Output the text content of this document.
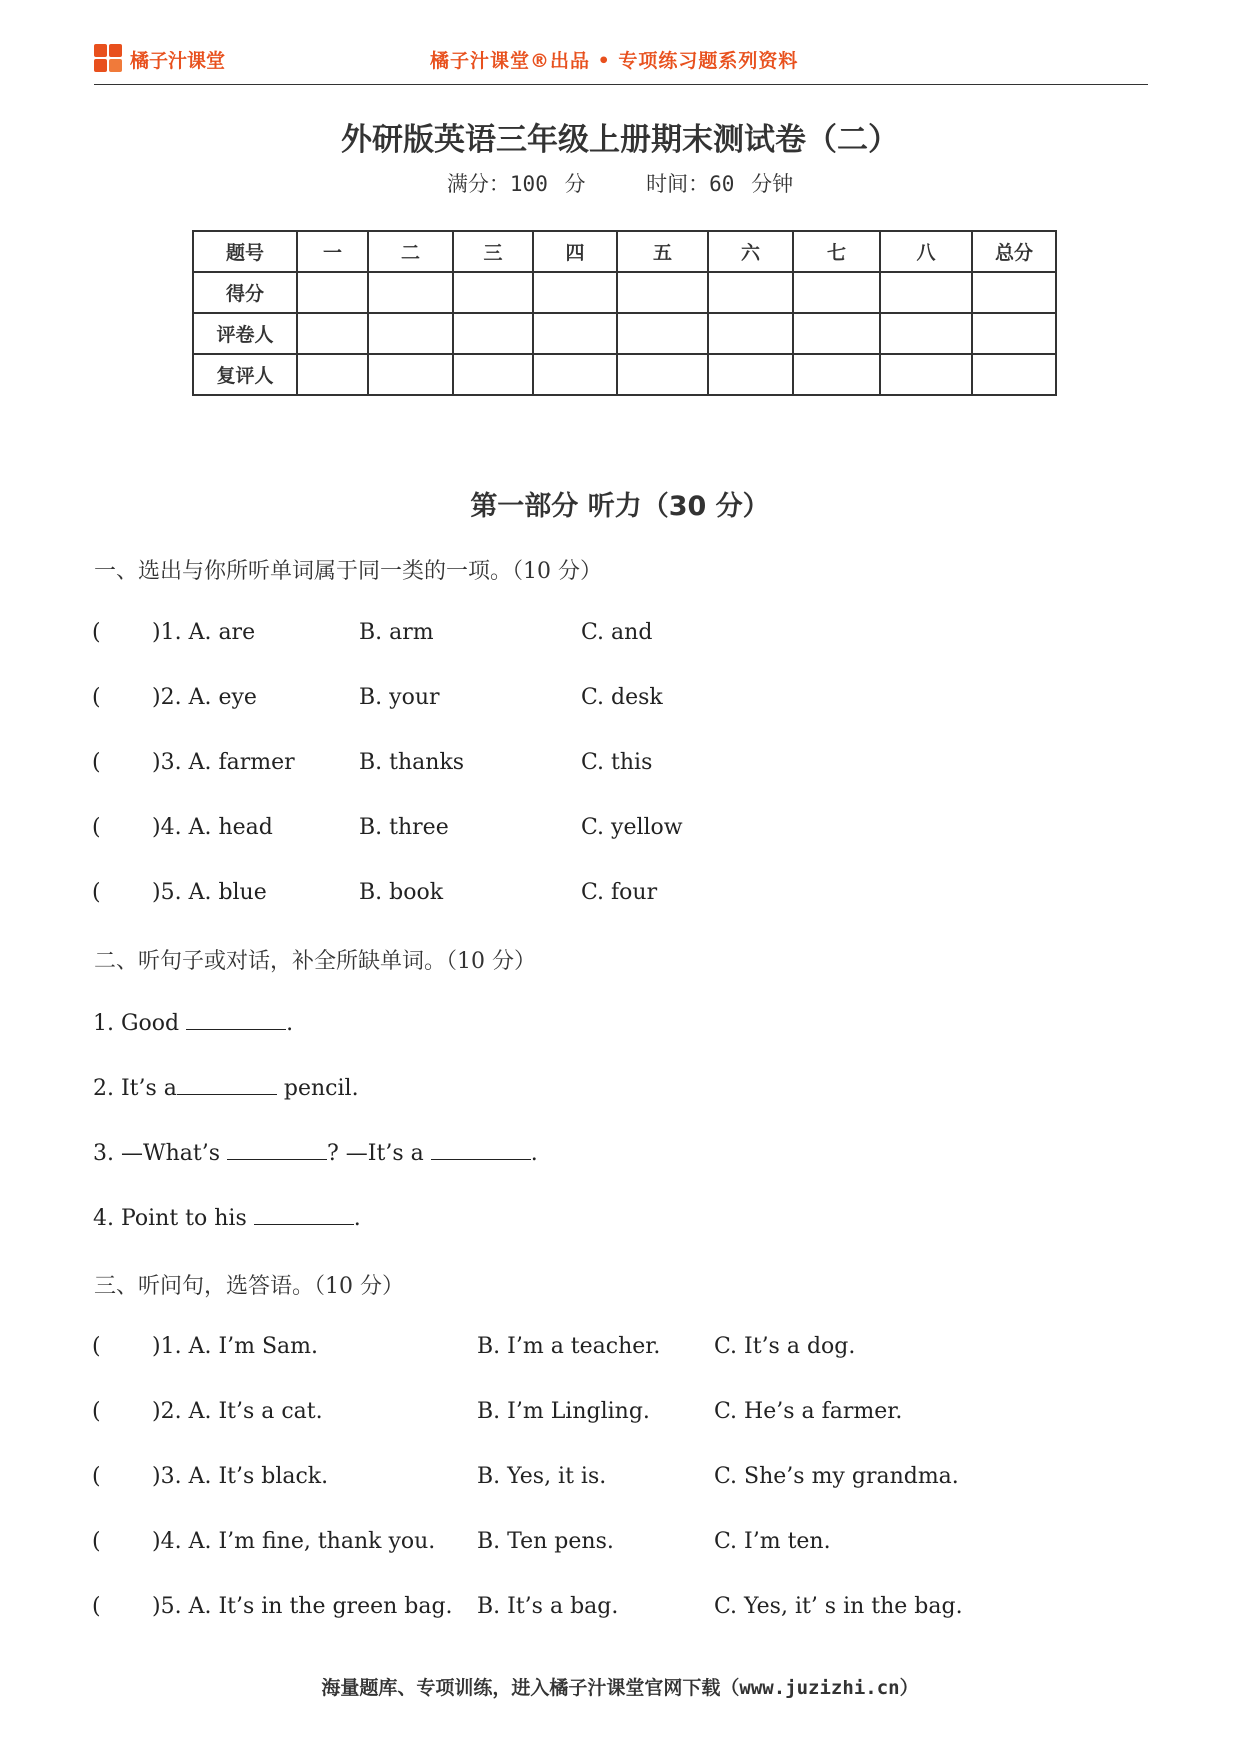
橘子汁课堂	橘子汁课堂®出品 • 专项练习题系列资料
外研版英语三年级上册期末测试卷（二）
满分：100 分	时间：60 分钟
题号	一	二	三	四	五	六	七	八	总分
得分									
评卷人									
复评人									
第一部分 听力（30 分）
一、选出与你所听单词属于同一类的一项。（10 分）
( )1. A. are	B. arm	C. and
( )2. A. eye	B. your	C. desk
( )3. A. farmer	B. thanks	C. this
( )4. A. head	B. three	C. yellow
( )5. A. blue	B. book	C. four
二、听句子或对话，补全所缺单词。（10 分）
1. Good	.
2. It’s a	pencil.
3. —What’s	? —It’s a	.
4. Point to his	.
三、听问句，选答语。（10 分）
( )1. A. I’m Sam.	B. I’m a teacher. C. It’s a dog.
( )2. A. It’s a cat.	B. I’m Lingling.	C. He’s a farmer.
( )3. A. It’s black.	B. Yes, it is.	C. She’s my grandma.
( )4. A. I’m fine, thank you. B. Ten pens.	C. I’m ten.
( )5. A. It’s in the green bag. B. It’s a bag.	C. Yes, it’ s in the bag.
海量题库、专项训练，进入橘子汁课堂官网下载（www.juzizhi.cn）
